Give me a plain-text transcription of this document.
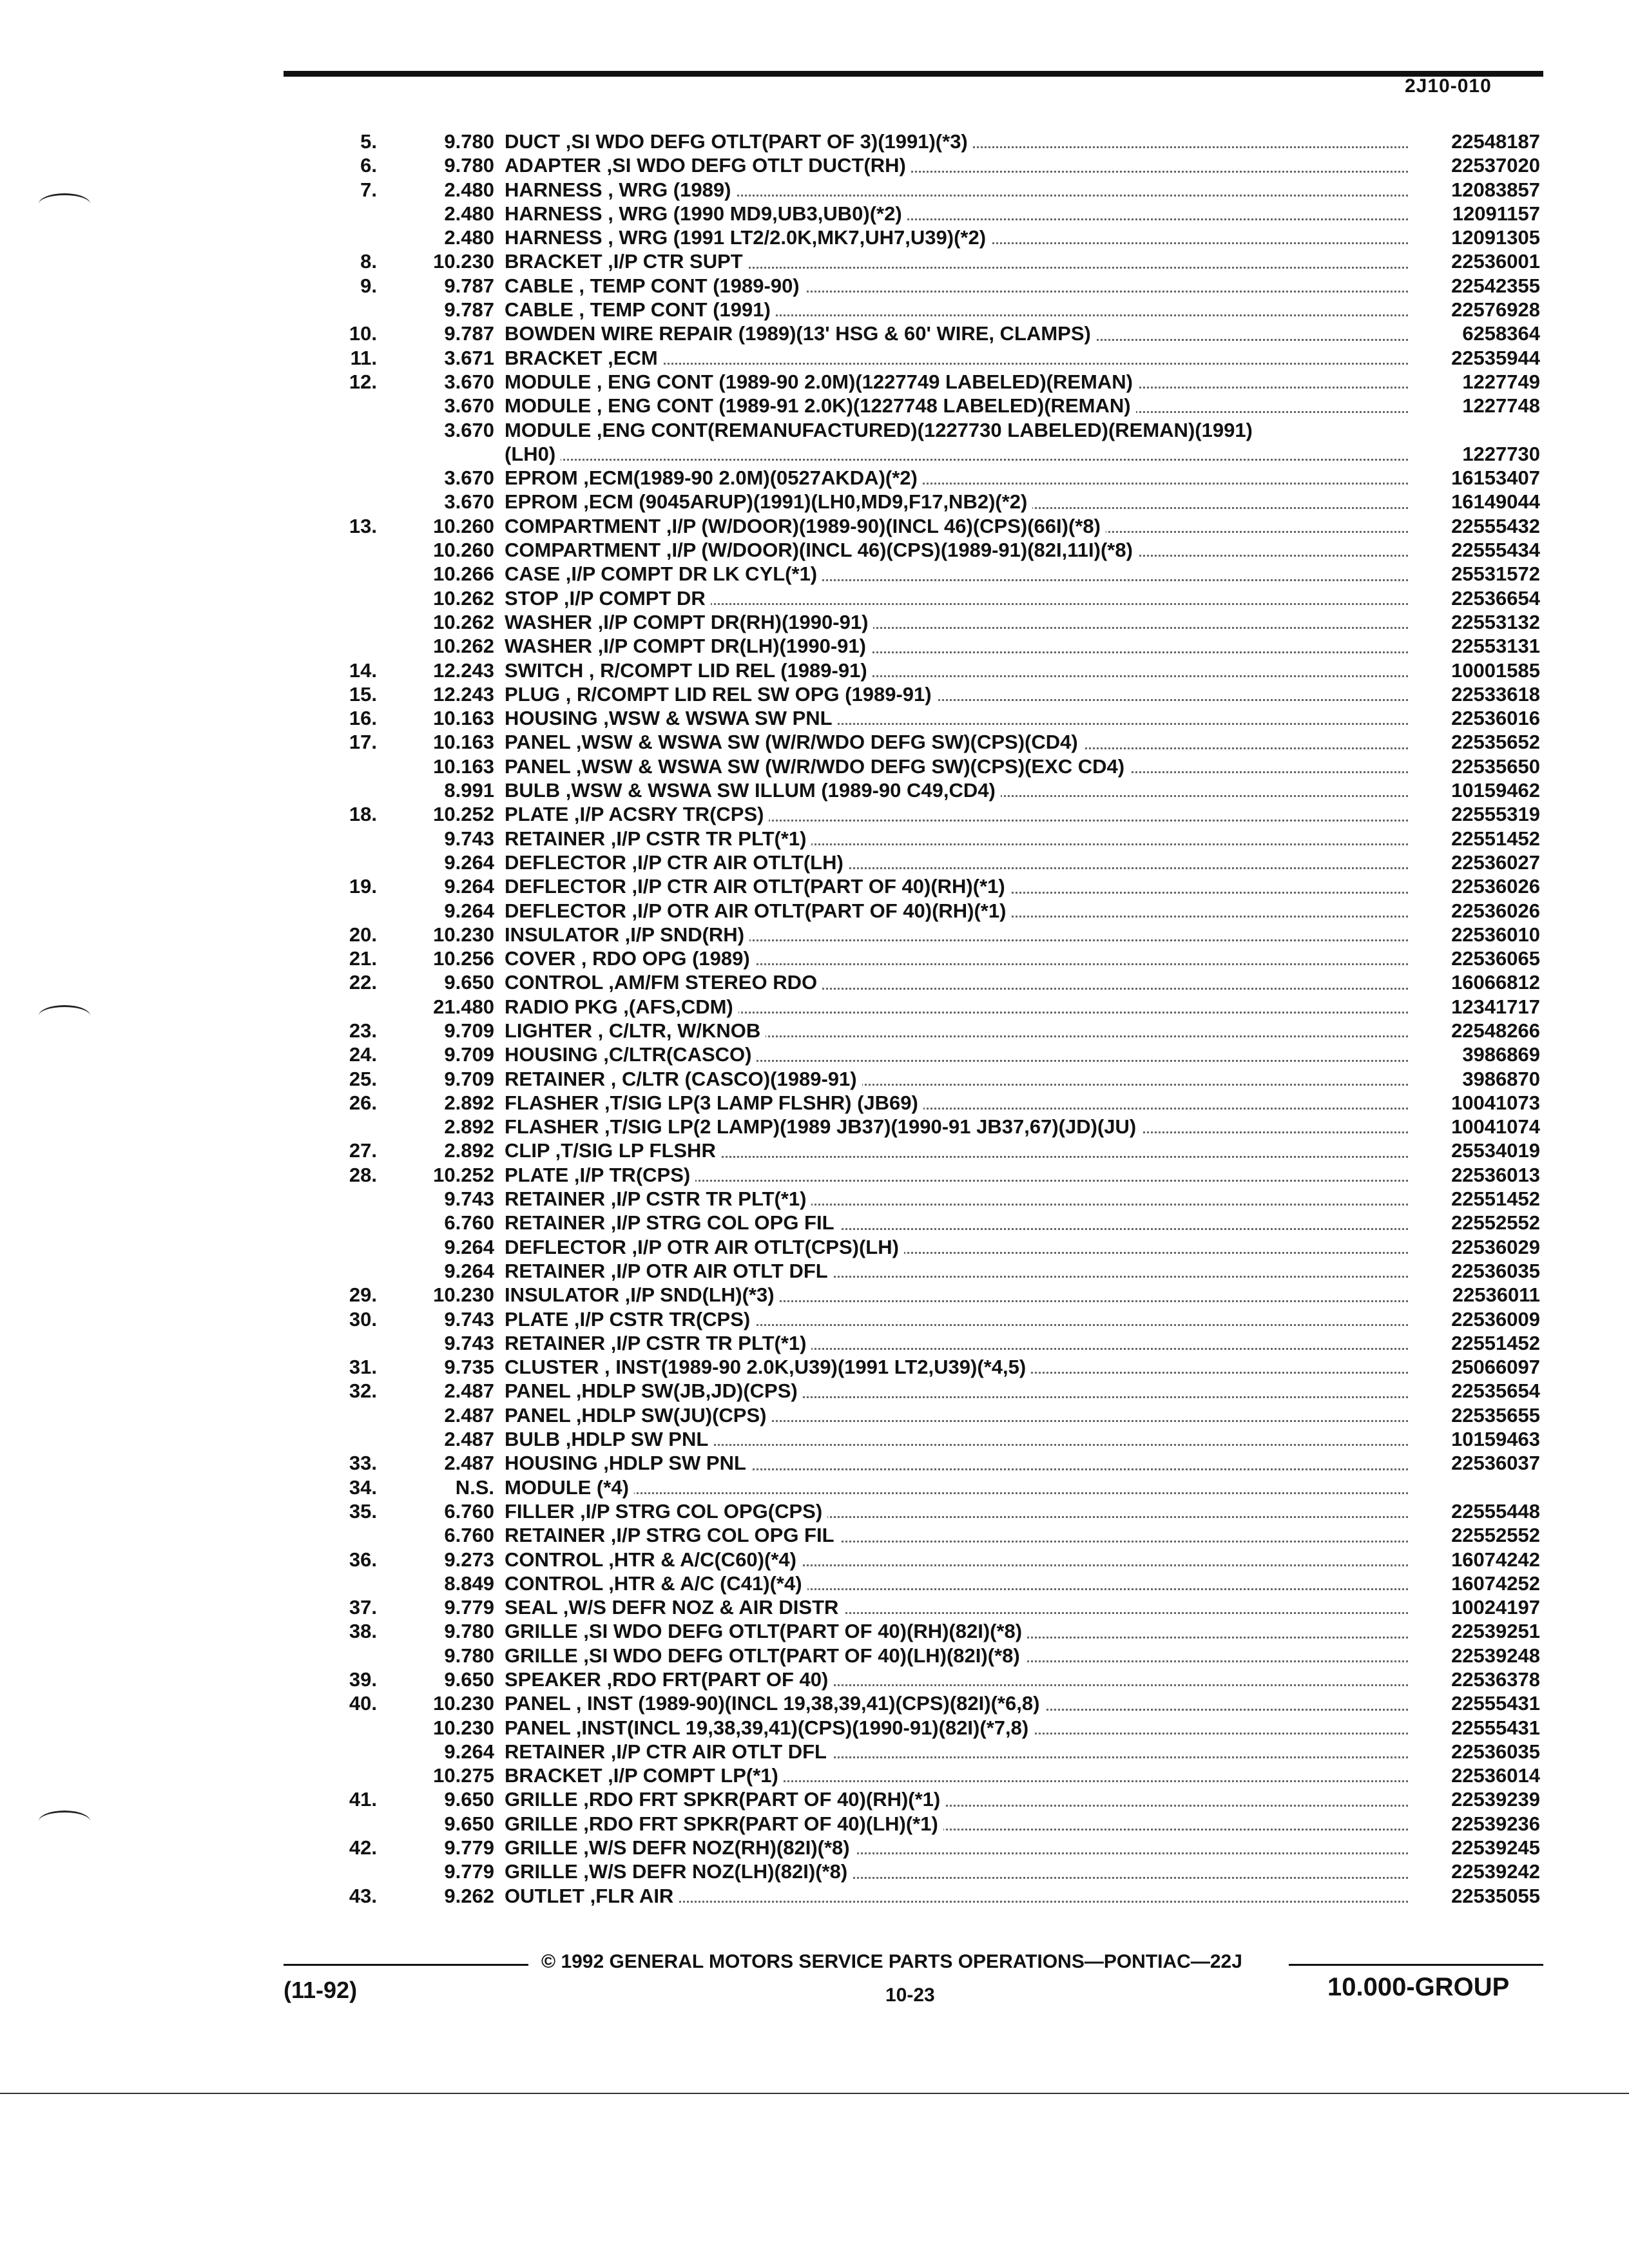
2J10-010
5.	9.780 DUCT ,SI WDO DEFG OTLT(PART OF 3)(1991)(*3)	22548187
6.	9.780 ADAPTER ,SI WDO DEFG OTLT DUCT(RH)	22537020
7.	2.480 HARNESS , WRG (1989)	12083857
2.480 HARNESS , WRG (1990 MD9,UB3,UB0)(*2)	12091157
2.480 HARNESS , WRG (1991 LT2/2.0K,MK7,UH7,U39)(*2)	12091305
8.	10.230 BRACKET ,I/P CTR SUPT	22536001
9.	9.787 CABLE , TEMP CONT (1989-90)	22542355
9.787 CABLE , TEMP CONT (1991)	22576928
10.	9.787 BOWDEN WIRE REPAIR (1989)(13' HSG & 60' WIRE, CLAMPS)	6258364
11.	3.671 BRACKET ,ECM	22535944
12.	3.670 MODULE , ENG CONT (1989-90 2.0M)(1227749 LABELED)(REMAN)	1227749
3.670 MODULE , ENG CONT (1989-91 2.0K)(1227748 LABELED)(REMAN)	1227748
3.670 MODULE ,ENG CONT(REMANUFACTURED)(1227730 LABELED)(REMAN)(1991)
(LH0)	1227730
3.670 EPROM ,ECM(1989-90 2.0M)(0527AKDA)(*2)	16153407
3.670 EPROM ,ECM (9045ARUP)(1991)(LH0,MD9,F17,NB2)(*2)	16149044
13.	10.260 COMPARTMENT ,I/P (W/DOOR)(1989-90)(INCL 46)(CPS)(66I)(*8)	22555432
10.260 COMPARTMENT ,I/P (W/DOOR)(INCL 46)(CPS)(1989-91)(82I,11I)(*8)	22555434
10.266 CASE ,I/P COMPT DR LK CYL(*1)	25531572
10.262 STOP ,I/P COMPT DR	22536654
10.262 WASHER ,I/P COMPT DR(RH)(1990-91)	22553132
10.262 WASHER ,I/P COMPT DR(LH)(1990-91)	22553131
14.	12.243 SWITCH , R/COMPT LID REL (1989-91)	10001585
15.	12.243 PLUG , R/COMPT LID REL SW OPG (1989-91)	22533618
16.	10.163 HOUSING ,WSW & WSWA SW PNL	22536016
17.	10.163 PANEL ,WSW & WSWA SW (W/R/WDO DEFG SW)(CPS)(CD4)	22535652
10.163 PANEL ,WSW & WSWA SW (W/R/WDO DEFG SW)(CPS)(EXC CD4)	22535650
8.991 BULB ,WSW & WSWA SW ILLUM (1989-90 C49,CD4)	10159462
18.	10.252 PLATE ,I/P ACSRY TR(CPS)	22555319
9.743 RETAINER ,I/P CSTR TR PLT(*1)	22551452
9.264 DEFLECTOR ,I/P CTR AIR OTLT(LH)	22536027
19.	9.264 DEFLECTOR ,I/P CTR AIR OTLT(PART OF 40)(RH)(*1)	22536026
9.264 DEFLECTOR ,I/P OTR AIR OTLT(PART OF 40)(RH)(*1)	22536026
20.	10.230 INSULATOR ,I/P SND(RH)	22536010
21.	10.256 COVER , RDO OPG (1989)	22536065
22.	9.650 CONTROL ,AM/FM STEREO RDO	16066812
21.480 RADIO PKG ,(AFS,CDM)	12341717
23.	9.709 LIGHTER , C/LTR, W/KNOB	22548266
24.	9.709 HOUSING ,C/LTR(CASCO)	3986869
25.	9.709 RETAINER , C/LTR (CASCO)(1989-91)	3986870
26.	2.892 FLASHER ,T/SIG LP(3 LAMP FLSHR) (JB69)	10041073
2.892 FLASHER ,T/SIG LP(2 LAMP)(1989 JB37)(1990-91 JB37,67)(JD)(JU)	10041074
27.	2.892 CLIP ,T/SIG LP FLSHR	25534019
28.	10.252 PLATE ,I/P TR(CPS)	22536013
9.743 RETAINER ,I/P CSTR TR PLT(*1)	22551452
6.760 RETAINER ,I/P STRG COL OPG FIL	22552552
9.264 DEFLECTOR ,I/P OTR AIR OTLT(CPS)(LH)	22536029
9.264 RETAINER ,I/P OTR AIR OTLT DFL	22536035
29.	10.230 INSULATOR ,I/P SND(LH)(*3)	22536011
30.	9.743 PLATE ,I/P CSTR TR(CPS)	22536009
9.743 RETAINER ,I/P CSTR TR PLT(*1)	22551452
31.	9.735 CLUSTER , INST(1989-90 2.0K,U39)(1991 LT2,U39)(*4,5)	25066097
32.	2.487 PANEL ,HDLP SW(JB,JD)(CPS)	22535654
2.487 PANEL ,HDLP SW(JU)(CPS)	22535655
2.487 BULB ,HDLP SW PNL	10159463
33.	2.487 HOUSING ,HDLP SW PNL	22536037
34.	N.S. MODULE (*4)
35.	6.760 FILLER ,I/P STRG COL OPG(CPS)	22555448
6.760 RETAINER ,I/P STRG COL OPG FIL	22552552
36.	9.273 CONTROL ,HTR & A/C(C60)(*4)	16074242
8.849 CONTROL ,HTR & A/C (C41)(*4)	16074252
37.	9.779 SEAL ,W/S DEFR NOZ & AIR DISTR	10024197
38.	9.780 GRILLE ,SI WDO DEFG OTLT(PART OF 40)(RH)(82I)(*8)	22539251
9.780 GRILLE ,SI WDO DEFG OTLT(PART OF 40)(LH)(82I)(*8)	22539248
39.	9.650 SPEAKER ,RDO FRT(PART OF 40)	22536378
40.	10.230 PANEL , INST (1989-90)(INCL 19,38,39,41)(CPS)(82I)(*6,8)	22555431
10.230 PANEL ,INST(INCL 19,38,39,41)(CPS)(1990-91)(82I)(*7,8)	22555431
9.264 RETAINER ,I/P CTR AIR OTLT DFL	22536035
10.275 BRACKET ,I/P COMPT LP(*1)	22536014
41.	9.650 GRILLE ,RDO FRT SPKR(PART OF 40)(RH)(*1)	22539239
9.650 GRILLE ,RDO FRT SPKR(PART OF 40)(LH)(*1)	22539236
42.	9.779 GRILLE ,W/S DEFR NOZ(RH)(82I)(*8)	22539245
9.779 GRILLE ,W/S DEFR NOZ(LH)(82I)(*8)	22539242
43.	9.262 OUTLET ,FLR AIR	22535055
© 1992 GENERAL MOTORS SERVICE PARTS OPERATIONS—PONTIAC—22J
(11-92)	10-23	10.000-GROUP
